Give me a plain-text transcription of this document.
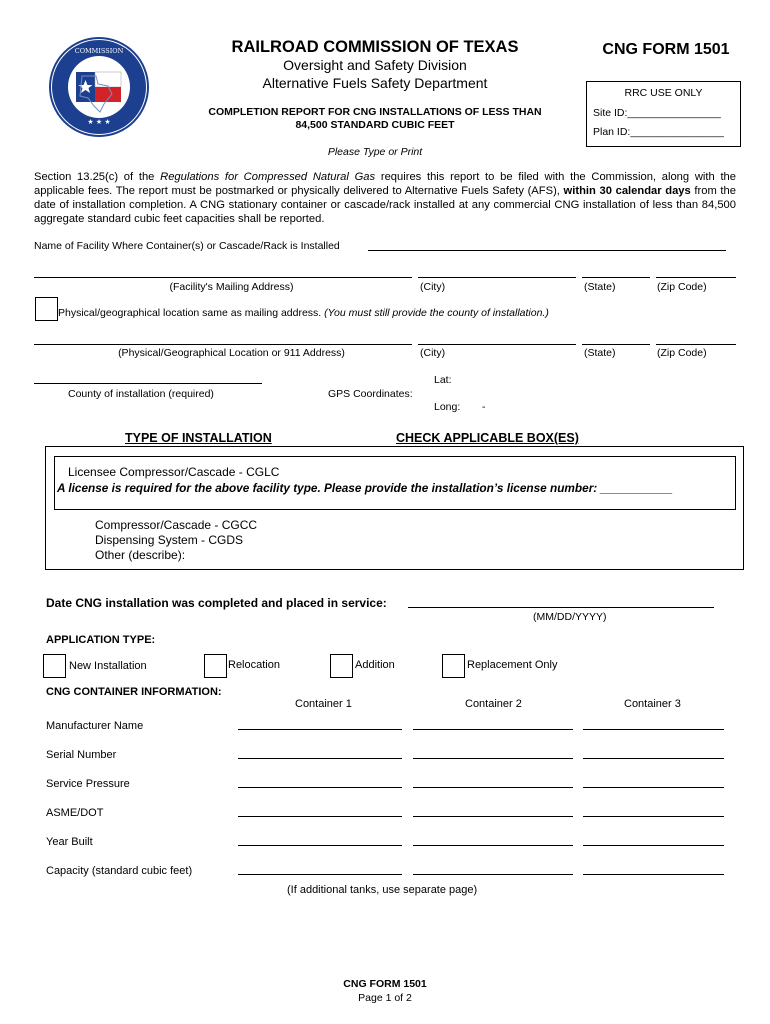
★ ★ ★
COMMISSION	RAILROAD COMMISSION OF TEXAS
Oversight and Safety Division
Alternative Fuels Safety Department
COMPLETION REPORT FOR CNG INSTALLATIONS OF LESS THAN
84,500 STANDARD CUBIC FEET
Please Type or Print
CNG FORM 1501
RRC USE ONLY
Site ID:________________
Plan ID:________________
Section 13.25(c) of the Regulations for Compressed Natural Gas requires this report to be filed with the Commission, along with the applicable fees. The report must be postmarked or physically delivered to Alternative Fuels Safety (AFS), within 30 calendar days from the date of installation completion. A CNG stationary container or cascade/rack installed at any commercial CNG installation of less than 84,500 aggregate standard cubic feet capacities shall be reported.
Name of Facility Where Container(s) or Cascade/Rack is Installed
(Facility's Mailing Address)	(City)	(State)	(Zip Code)
Physical/geographical location same as mailing address. (You must still provide the county of installation.)
(Physical/Geographical Location or 911 Address)	(City)	(State)	(Zip Code)
County of installation (required)	GPS Coordinates:
Lat:
Long: -
TYPE OF INSTALLATION	CHECK APPLICABLE BOX(ES)
Licensee Compressor/Cascade - CGLC
A license is required for the above facility type. Please provide the installation’s license number: ___________
Compressor/Cascade - CGCC
Dispensing System - CGDS
Other (describe):
Date CNG installation was completed and placed in service:
(MM/DD/YYYY)
APPLICATION TYPE:
New Installation	Relocation	Addition	Replacement Only
CNG CONTAINER INFORMATION:
Container 1	Container 2	Container 3
Manufacturer Name
Serial Number
Service Pressure
ASME/DOT
Year Built
Capacity (standard cubic feet)
(If additional tanks, use separate page)
CNG FORM 1501
Page 1 of 2
